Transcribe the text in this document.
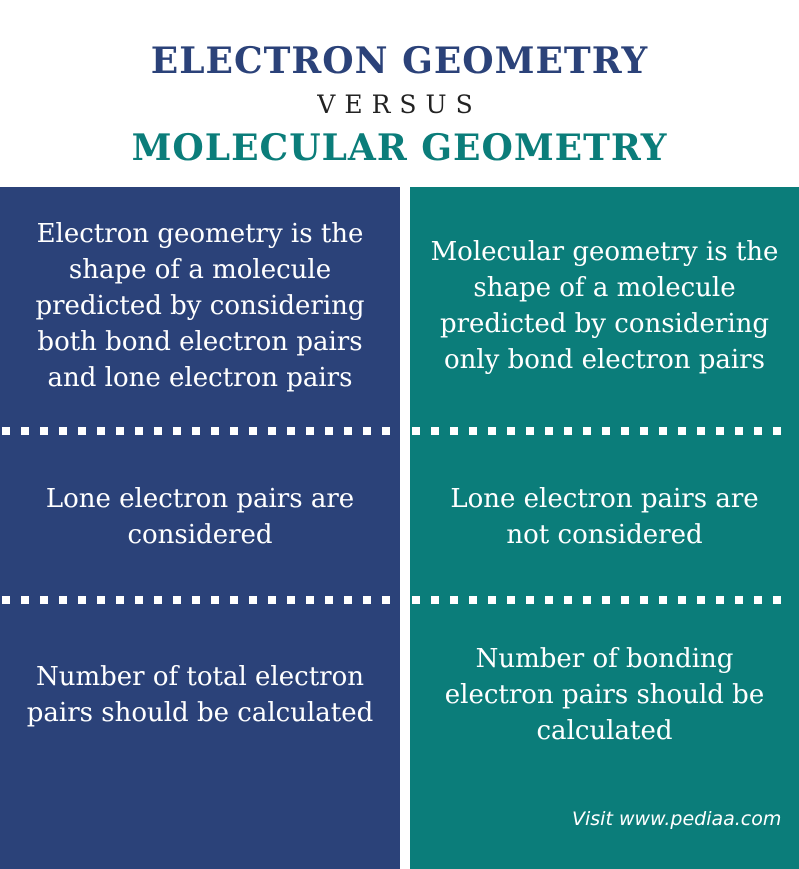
ELECTRON GEOMETRY
VERSUS
MOLECULAR GEOMETRY
Electron geometry is the shape of a molecule predicted by considering both bond electron pairs and lone electron pairs
Lone electron pairs are considered
Number of total electron pairs should be calculated
Molecular geometry is the shape of a molecule predicted by considering only bond electron pairs
Lone electron pairs are not considered
Number of bonding electron pairs should be calculated
Visit www.pediaa.com
